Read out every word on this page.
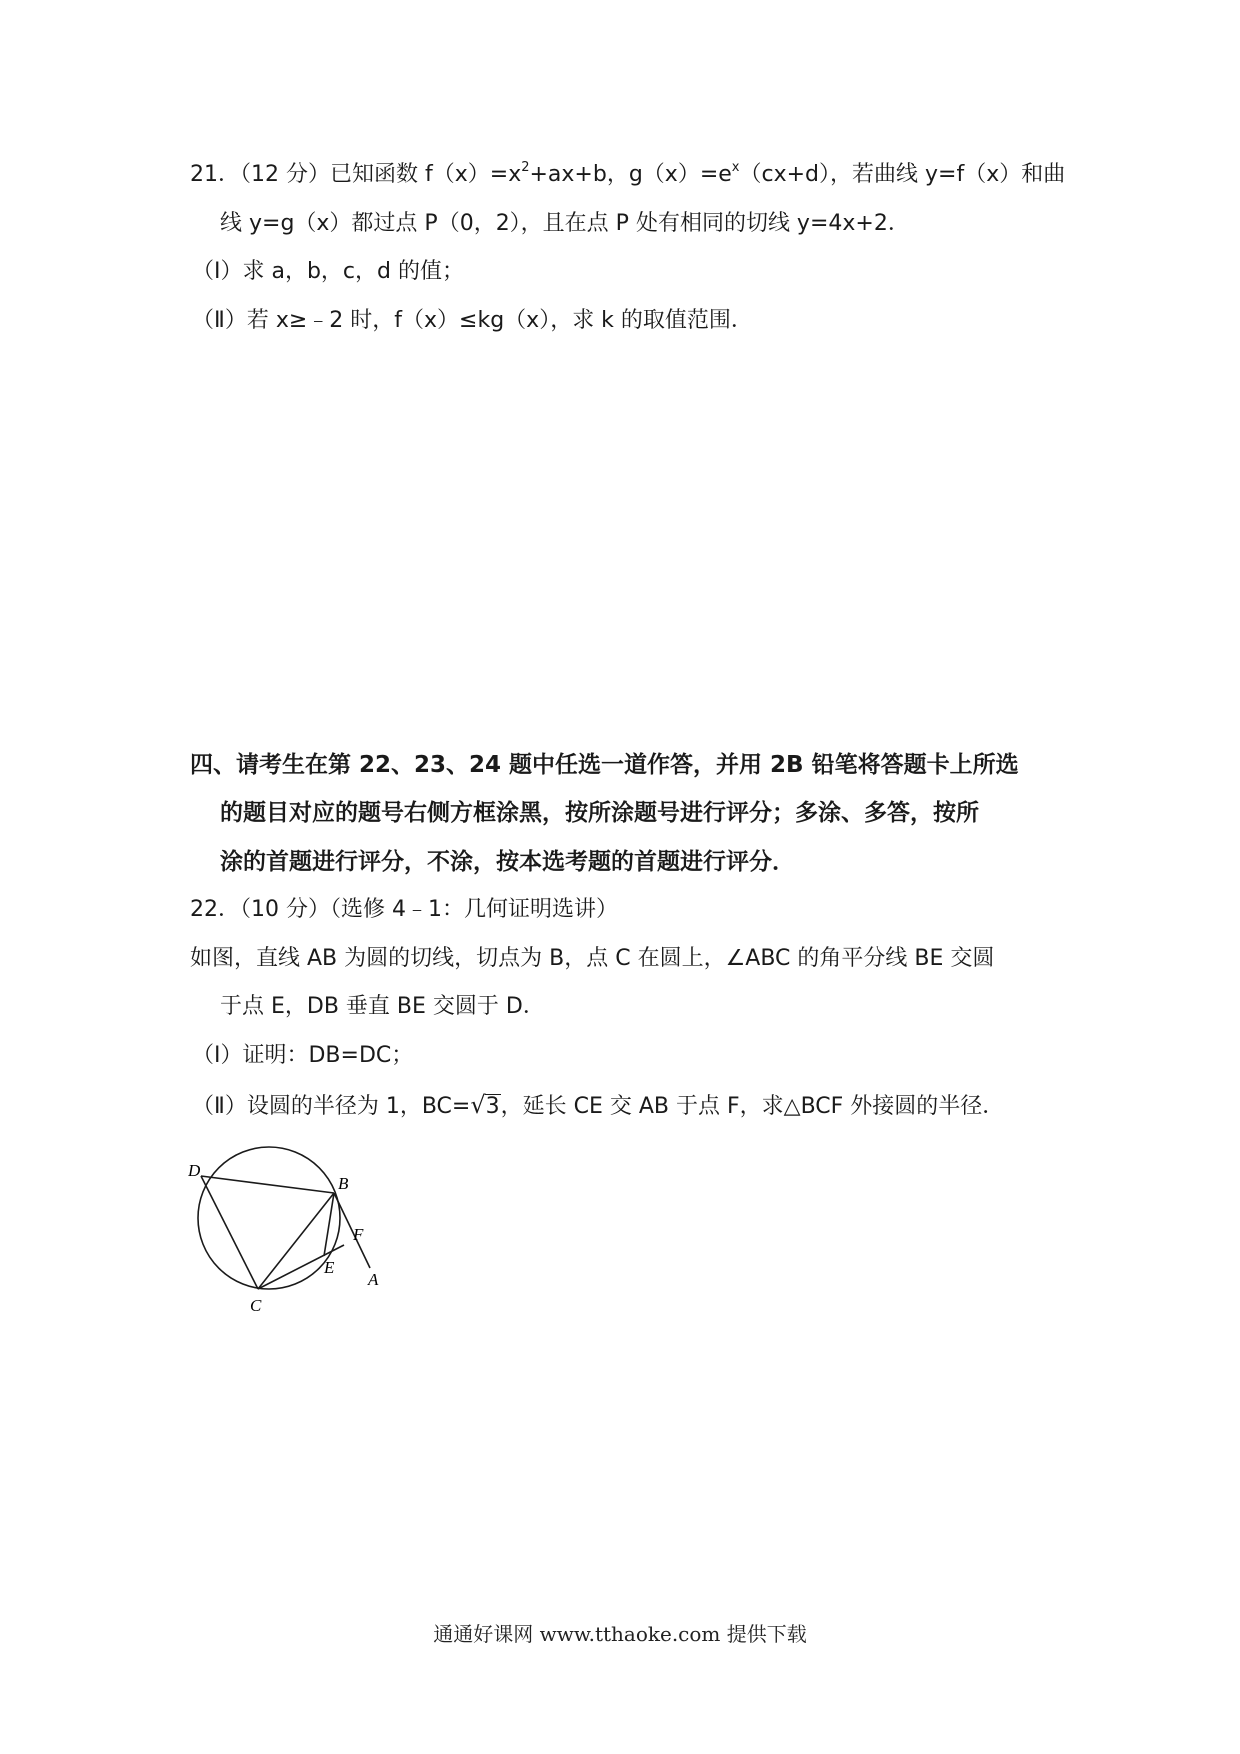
21．（12 分）已知函数 $f(x)=x^2+ax+b$，$g(x)=e^x(cx+d)$，若曲线 y=f（x）和曲
线 y=g（x）都过点 P（0，2），且在点 P 处有相同的切线 y=4x+2．
（Ⅰ）求 a，b，c，d 的值；
（Ⅱ）若 x≥﹣2 时，f（x）≤kg（x），求 k 的取值范围．
四、请考生在第 22、23、24 题中任选一道作答，并用 2B 铅笔将答题卡上所选
的题目对应的题号右侧方框涂黑，按所涂题号进行评分；多涂、多答，按所
涂的首题进行评分，不涂，按本选考题的首题进行评分．
22．（10 分）（选修 4﹣1：几何证明选讲）
如图，直线 AB 为圆的切线，切点为 B，点 C 在圆上，∠ABC 的角平分线 BE 交圆
于点 E，DB 垂直 BE 交圆于 D．
（Ⅰ）证明：DB=DC；
（Ⅱ）设圆的半径为 1，BC=√3，延长 CE 交 AB 于点 F，求△BCF 外接圆的半径．
D
B
F
E
A
C
通通好课网 www.tthaoke.com 提供下载
